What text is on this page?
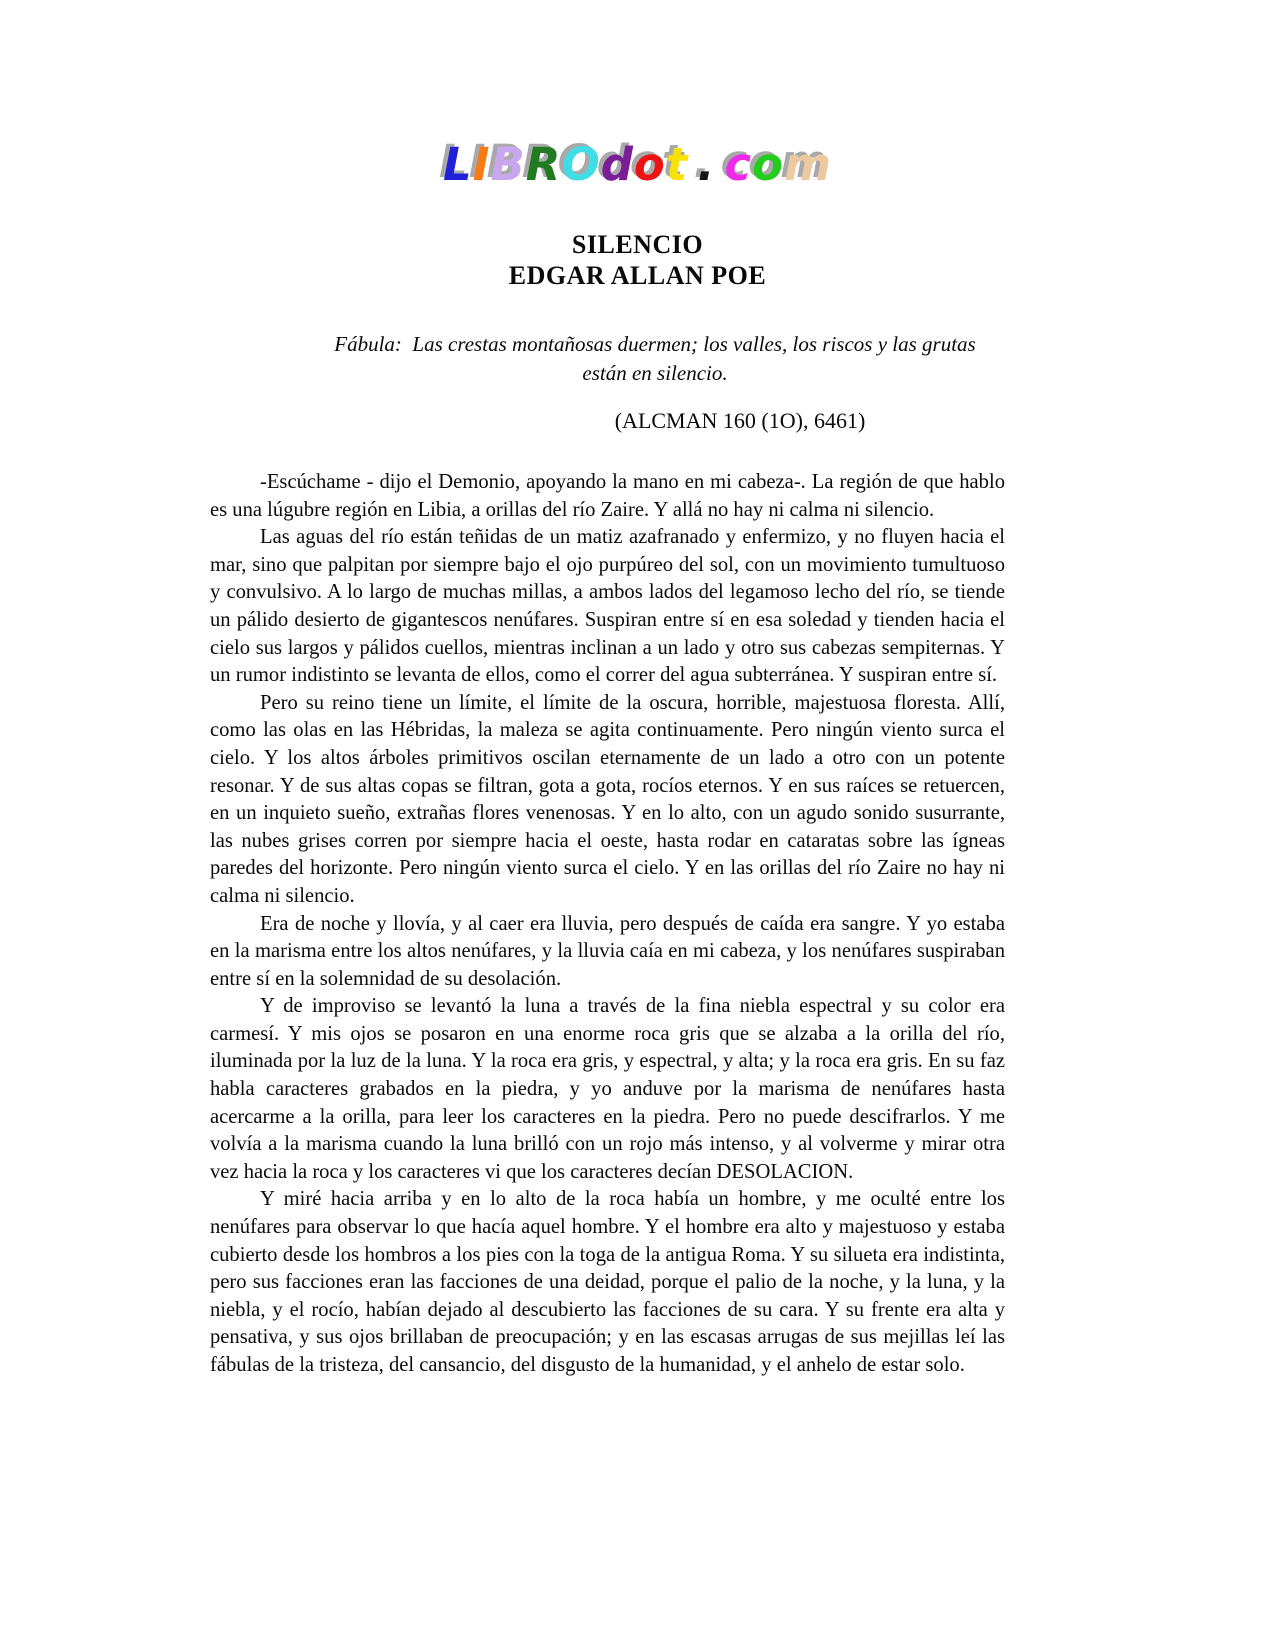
LIBROdot . com
SILENCIO
EDGAR ALLAN POE
Fábula:  Las crestas montañosas duermen; los valles, los riscos y las grutas
están en silencio.
(ALCMAN 160 (1O), 6461)

-Escúchame - dijo el Demonio, apoyando la mano en mi cabeza-. La región de que hablo es una lúgubre región en Libia, a orillas del río Zaire. Y allá no hay ni calma ni silencio.

Las aguas del río están teñidas de un matiz azafranado y enfermizo, y no fluyen hacia el mar, sino que palpitan por siempre bajo el ojo purpúreo del sol, con un movimiento tumultuoso y convulsivo. A lo largo de muchas millas, a ambos lados del legamoso lecho del río, se tiende un pálido desierto de gigantescos nenúfares. Suspiran entre sí en esa soledad y tienden hacia el cielo sus largos y pálidos cuellos, mientras inclinan a un lado y otro sus cabezas sempiternas. Y un rumor indistinto se levanta de ellos, como el correr del agua subterránea. Y suspiran entre sí.

Pero su reino tiene un límite, el límite de la oscura, horrible, majestuosa floresta. Allí, como las olas en las Hébridas, la maleza se agita continuamente. Pero ningún viento surca el cielo. Y los altos árboles primitivos oscilan eternamente de un lado a otro con un potente resonar. Y de sus altas copas se filtran, gota a gota, rocíos eternos. Y en sus raíces se retuercen, en un inquieto sueño, extrañas flores venenosas. Y en lo alto, con un agudo sonido susurrante, las nubes grises corren por siempre hacia el oeste, hasta rodar en cataratas sobre las ígneas paredes del horizonte. Pero ningún viento surca el cielo. Y en las orillas del río Zaire no hay ni calma ni silencio.

Era de noche y llovía, y al caer era lluvia, pero después de caída era sangre. Y yo estaba en la marisma entre los altos nenúfares, y la lluvia caía en mi cabeza, y los nenúfares suspiraban entre sí en la solemnidad de su desolación.

Y de improviso se levantó la luna a través de la fina niebla espectral y su color era carmesí. Y mis ojos se posaron en una enorme roca gris que se alzaba a la orilla del río, iluminada por la luz de la luna. Y la roca era gris, y espectral, y alta; y la roca era gris. En su faz habla caracteres grabados en la piedra, y yo anduve por la marisma de nenúfares hasta acercarme a la orilla, para leer los caracteres en la piedra. Pero no puede descifrarlos. Y me volvía a la marisma cuando la luna brilló con un rojo más intenso, y al volverme y mirar otra vez hacia la roca y los caracteres vi que los caracteres decían DESOLACION.

Y miré hacia arriba y en lo alto de la roca había un hombre, y me oculté entre los nenúfares para observar lo que hacía aquel hombre. Y el hombre era alto y majestuoso y estaba cubierto desde los hombros a los pies con la toga de la antigua Roma. Y su silueta era indistinta, pero sus facciones eran las facciones de una deidad, porque el palio de la noche, y la luna, y la niebla, y el rocío, habían dejado al descubierto las facciones de su cara. Y su frente era alta y pensativa, y sus ojos brillaban de preocupación; y en las escasas arrugas de sus mejillas leí las fábulas de la tristeza, del cansancio, del disgusto de la humanidad, y el anhelo de estar solo.
